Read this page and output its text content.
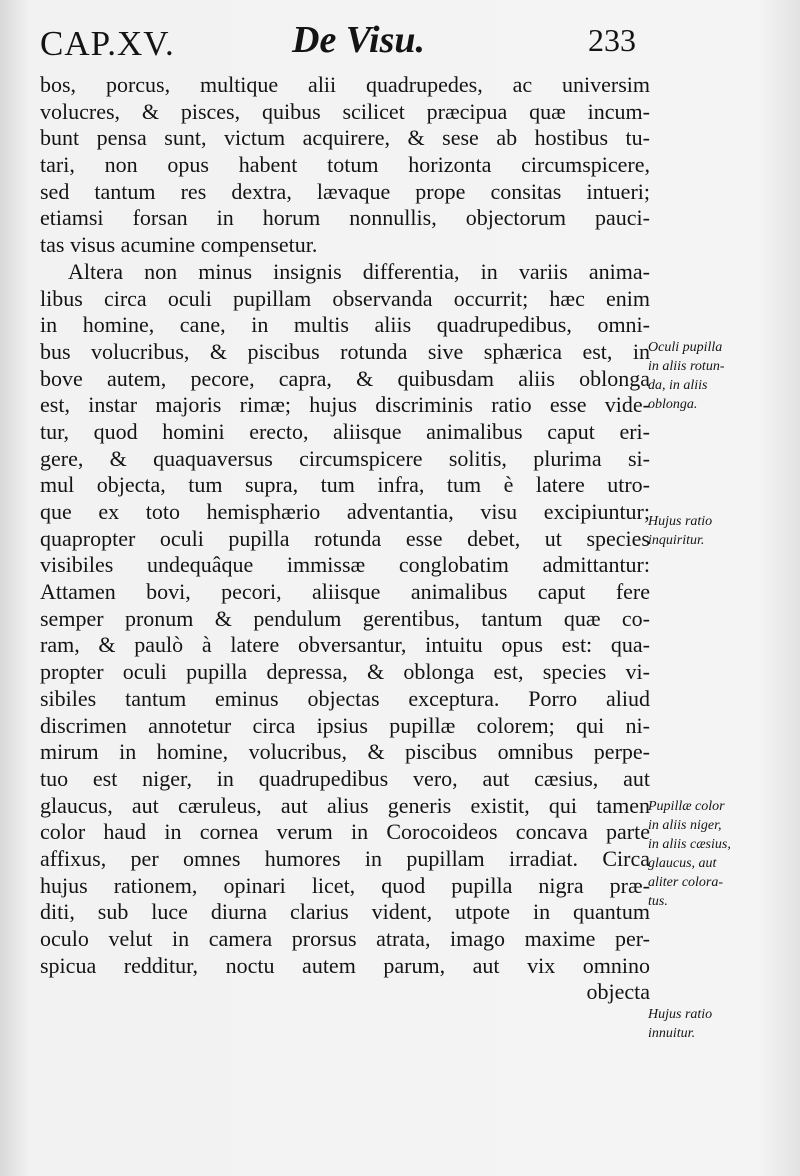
CAP.XV.	De Visu.	233
bos, porcus, multique alii quadrupedes, ac universim
volucres, & pisces, quibus scilicet præcipua quæ incum-
bunt pensa sunt, victum acquirere, & sese ab hostibus tu-
tari, non opus habent totum horizonta circumspicere,
sed tantum res dextra, lævaque prope consitas intueri;
etiamsi forsan in horum nonnullis, objectorum pauci-
tas visus acumine compensetur.
Altera non minus insignis differentia, in variis anima-
libus circa oculi pupillam observanda occurrit; hæc enim
in homine, cane, in multis aliis quadrupedibus, omni-
bus volucribus, & piscibus rotunda sive sphærica est, in
bove autem, pecore, capra, & quibusdam aliis oblonga
est, instar majoris rimæ; hujus discriminis ratio esse vide-
tur, quod homini erecto, aliisque animalibus caput eri-
gere, & quaquaversus circumspicere solitis, plurima si-
mul objecta, tum supra, tum infra, tum è latere utro-
que ex toto hemisphærio adventantia, visu excipiuntur;
quapropter oculi pupilla rotunda esse debet, ut species
visibiles undequâque immissæ conglobatim admittantur:
Attamen bovi, pecori, aliisque animalibus caput fere
semper pronum & pendulum gerentibus, tantum quæ co-
ram, & paulò à latere obversantur, intuitu opus est: qua-
propter oculi pupilla depressa, & oblonga est, species vi-
sibiles tantum eminus objectas exceptura. Porro aliud
discrimen annotetur circa ipsius pupillæ colorem; qui ni-
mirum in homine, volucribus, & piscibus omnibus perpe-
tuo est niger, in quadrupedibus vero, aut cæsius, aut
glaucus, aut cæruleus, aut alius generis existit, qui tamen
color haud in cornea verum in Corocoideos concava parte
affixus, per omnes humores in pupillam irradiat. Circa
hujus rationem, opinari licet, quod pupilla nigra præ-
diti, sub luce diurna clarius vident, utpote in quantum
oculo velut in camera prorsus atrata, imago maxime per-
spicua redditur, noctu autem parum, aut vix omnino
objecta
Oculi pupilla
in aliis rotun-
da, in aliis
oblonga.
Hujus ratio
inquiritur.
Pupillæ color
in aliis niger,
in aliis cæsius,
glaucus, aut
aliter colora-
tus.
Hujus ratio
innuitur.
